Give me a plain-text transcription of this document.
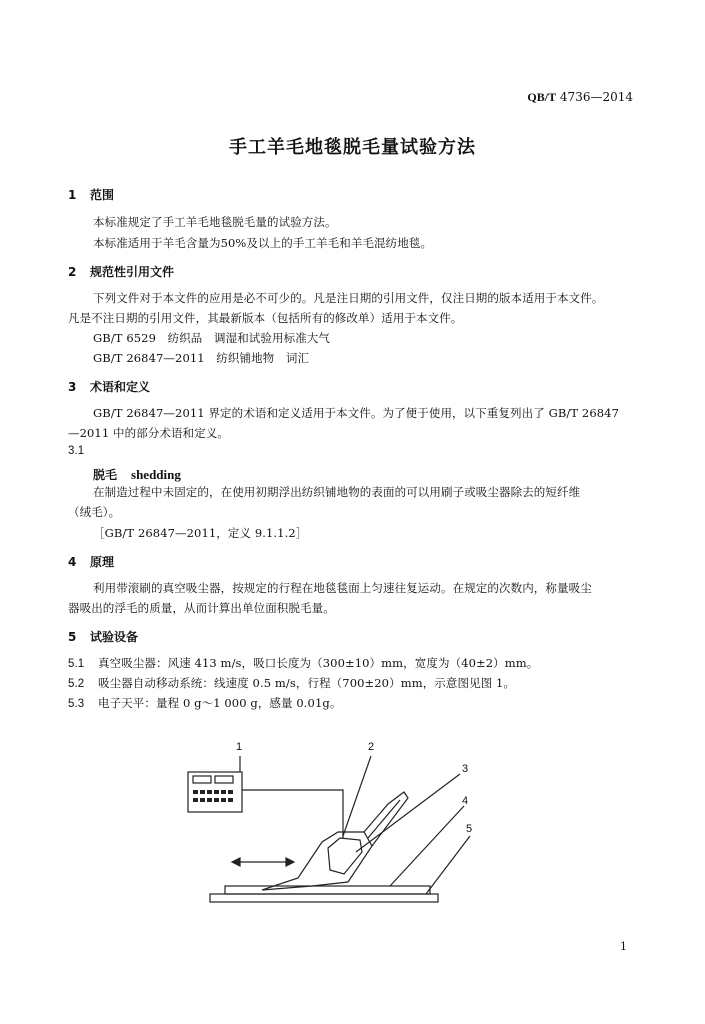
QB/T 4736—2014
手工羊毛地毯脱毛量试验方法
1 范围
本标准规定了手工羊毛地毯脱毛量的试验方法。
本标准适用于羊毛含量为50%及以上的手工羊毛和羊毛混纺地毯。
2 规范性引用文件
下列文件对于本文件的应用是必不可少的。凡是注日期的引用文件，仅注日期的版本适用于本文件。
凡是不注日期的引用文件，其最新版本（包括所有的修改单）适用于本文件。
GB/T 6529　纺织品　调湿和试验用标准大气
GB/T 26847—2011　纺织铺地物　词汇
3 术语和定义
GB/T 26847—2011 界定的术语和定义适用于本文件。为了便于使用，以下重复列出了 GB/T 26847
—2011 中的部分术语和定义。
3.1
脱毛 shedding
在制造过程中未固定的，在使用初期浮出纺织铺地物的表面的可以用刷子或吸尘器除去的短纤维
（绒毛）。
［GB/T 26847—2011，定义 9.1.1.2］
4 原理
利用带滚刷的真空吸尘器，按规定的行程在地毯毯面上匀速往复运动。在规定的次数内，称量吸尘
器吸出的浮毛的质量，从而计算出单位面积脱毛量。
5 试验设备
5.1 真空吸尘器：风速 413 m/s，吸口长度为（300±10）mm，宽度为（40±2）mm。
5.2 吸尘器自动移动系统：线速度 0.5 m/s，行程（700±20）mm，示意图见图 1。
5.3 电子天平：量程 0 g～1 000 g，感量 0.01g。
1	2
3
4
5
1
